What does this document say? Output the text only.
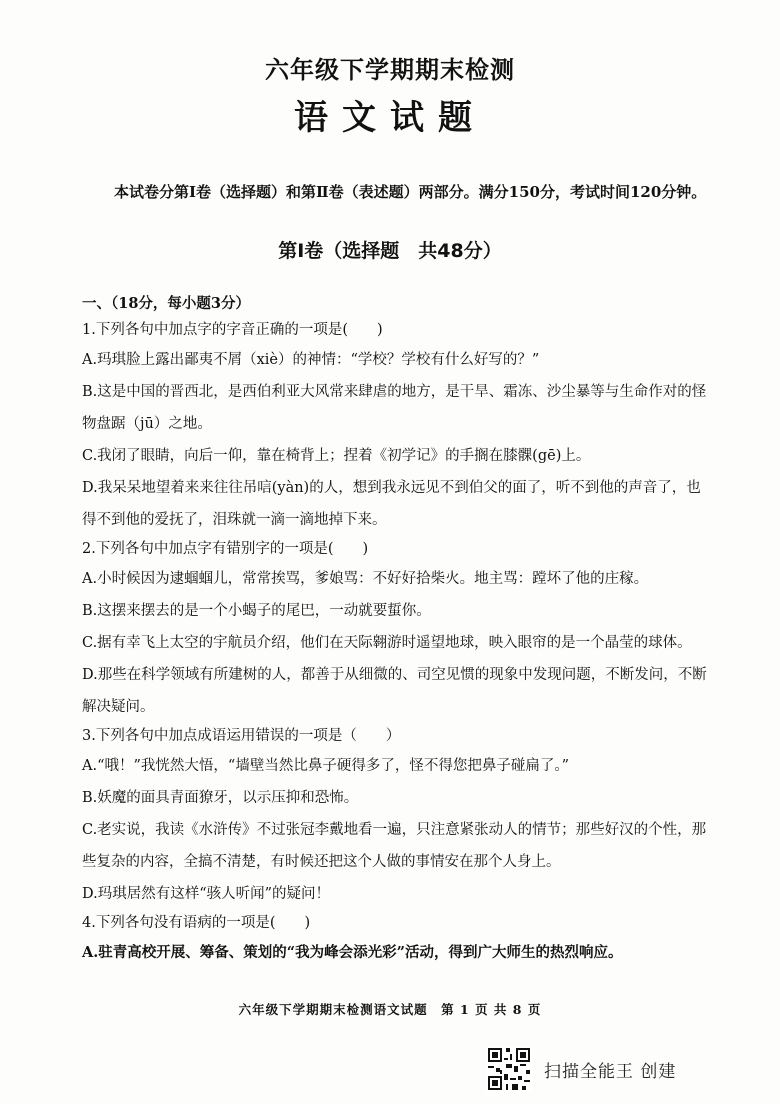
六年级下学期期末检测
语文试题
本试卷分第Ⅰ卷（选择题）和第Ⅱ卷（表述题）两部分。满分150分，考试时间120分钟。
第Ⅰ卷（选择题　共48分）
一、（18分，每小题3分）
1.下列各句中加点字的字音正确的一项是(　　)
A.玛琪脸上露出鄙夷不屑（xiè）的神情：“学校？学校有什么好写的？”
B.这是中国的晋西北，是西伯利亚大风常来肆虐的地方，是干旱、霜冻、沙尘暴等与生命作对的怪物盘踞（jū）之地。
C.我闭了眼睛，向后一仰，靠在椅背上；捏着《初学记》的手搁在膝髁(gē)上。
D.我呆呆地望着来来往往吊唁(yàn)的人，想到我永远见不到伯父的面了，听不到他的声音了，也得不到他的爱抚了，泪珠就一滴一滴地掉下来。
2.下列各句中加点字有错别字的一项是(　　)
A.小时候因为逮蝈蝈儿，常常挨骂，爹娘骂：不好好拾柴火。地主骂：蹚坏了他的庄稼。
B.这摆来摆去的是一个小蝎子的尾巴，一动就要蜇你。
C.据有幸飞上太空的宇航员介绍，他们在天际翱游时遥望地球，映入眼帘的是一个晶莹的球体。
D.那些在科学领域有所建树的人，都善于从细微的、司空见惯的现象中发现问题，不断发问，不断解决疑问。
3.下列各句中加点成语运用错误的一项是（　　）
A.“哦！”我恍然大悟，“墙壁当然比鼻子硬得多了，怪不得您把鼻子碰扁了。”
B.妖魔的面具青面獠牙，以示压抑和恐怖。
C.老实说，我读《水浒传》不过张冠李戴地看一遍，只注意紧张动人的情节；那些好汉的个性，那些复杂的内容，全搞不清楚，有时候还把这个人做的事情安在那个人身上。
D.玛琪居然有这样“骇人听闻”的疑问！
4.下列各句没有语病的一项是(　　)
A.驻青高校开展、筹备、策划的“我为峰会添光彩”活动，得到广大师生的热烈响应。
六年级下学期期末检测语文试题　第 1 页 共 8 页
扫描全能王 创建
